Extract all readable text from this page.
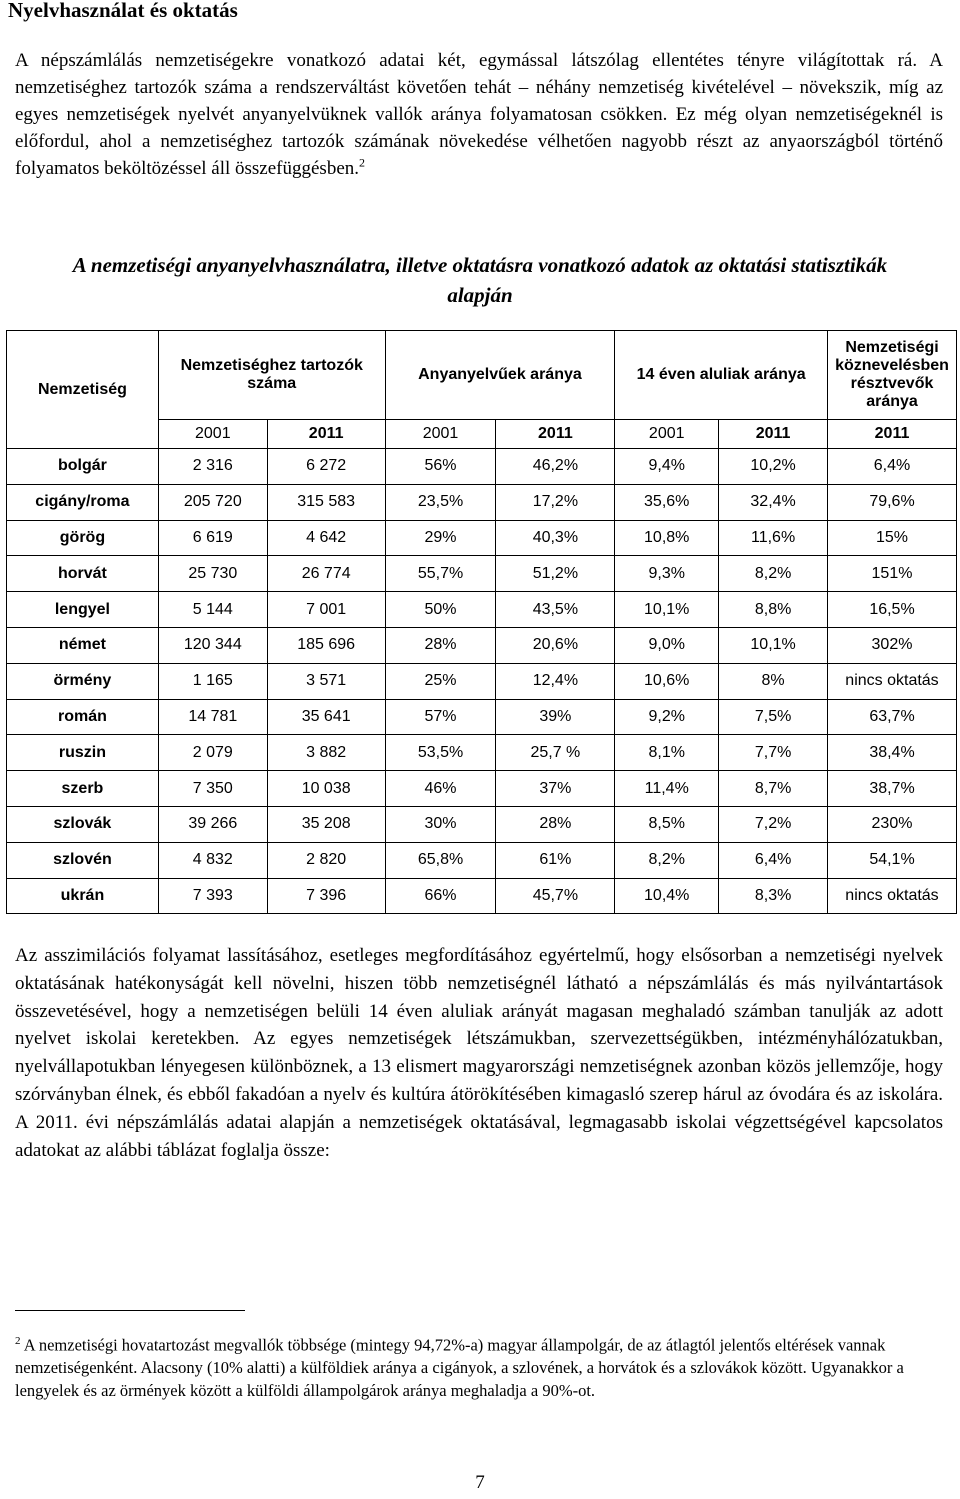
Nyelvhasználat és oktatás

A népszámlálás nemzetiségekre vonatkozó adatai két, egymással látszólag ellentétes tényre világítottak rá. A nemzetiséghez tartozók száma a rendszerváltást követően tehát – néhány nemzetiség kivételével – növekszik, míg az egyes nemzetiségek nyelvét anyanyelvüknek vallók aránya folyamatosan csökken. Ez még olyan nemzetiségeknél is előfordul, ahol a nemzetiséghez tartozók számának növekedése vélhetően nagyobb részt az anyaországból történő folyamatos beköltözéssel áll összefüggésben.$^2$

A nemzetiségi anyanyelvhasználatra, illetve oktatásra vonatkozó adatok az oktatási statisztikák alapján
Nemzetiség	Nemzetiséghez tartozók száma		Anyanyelvűek aránya		14 éven aluliak aránya		Nemzetiségi köznevelésben résztvevők aránya
	2001	2011	2001	2011	2001	2011	2011
bolgár	2 316	6 272	56%	46,2%	9,4%	10,2%	6,4%
cigány/roma	205 720	315 583	23,5%	17,2%	35,6%	32,4%	79,6%
görög	6 619	4 642	29%	40,3%	10,8%	11,6%	15%
horvát	25 730	26 774	55,7%	51,2%	9,3%	8,2%	151%
lengyel	5 144	7 001	50%	43,5%	10,1%	8,8%	16,5%
német	120 344	185 696	28%	20,6%	9,0%	10,1%	302%
örmény	1 165	3 571	25%	12,4%	10,6%	8%	nincs oktatás
román	14 781	35 641	57%	39%	9,2%	7,5%	63,7%
ruszin	2 079	3 882	53,5%	25,7 %	8,1%	7,7%	38,4%
szerb	7 350	10 038	46%	37%	11,4%	8,7%	38,7%
szlovák	39 266	35 208	30%	28%	8,5%	7,2%	230%
szlovén	4 832	2 820	65,8%	61%	8,2%	6,4%	54,1%
ukrán	7 393	7 396	66%	45,7%	10,4%	8,3%	nincs oktatás

Az asszimilációs folyamat lassításához, esetleges megfordításához egyértelmű, hogy elsősorban a nemzetiségi nyelvek oktatásának hatékonyságát kell növelni, hiszen több nemzetiségnél látható a népszámlálás és más nyilvántartások összevetésével, hogy a nemzetiségen belüli 14 éven aluliak arányát magasan meghaladó számban tanulják az adott nyelvet iskolai keretekben. Az egyes nemzetiségek létszámukban, szervezettségükben, intézményhálózatukban, nyelvállapotukban lényegesen különböznek, a 13 elismert magyarországi nemzetiségnek azonban közös jellemzője, hogy szórványban élnek, és ebből fakadóan a nyelv és kultúra átörökítésében kimagasló szerep hárul az óvodára és az iskolára. A 2011. évi népszámlálás adatai alapján a nemzetiségek oktatásával, legmagasabb iskolai végzettségével kapcsolatos adatokat az alábbi táblázat foglalja össze:

$^2$ A nemzetiségi hovatartozást megvallók többsége (mintegy 94,72%-a) magyar állampolgár, de az átlagtól jelentős eltérések vannak nemzetiségenként. Alacsony (10% alatti) a külföldiek aránya a cigányok, a szlovének, a horvátok és a szlovákok között. Ugyanakkor a lengyelek és az örmények között a külföldi állampolgárok aránya meghaladja a 90%-ot.

7
